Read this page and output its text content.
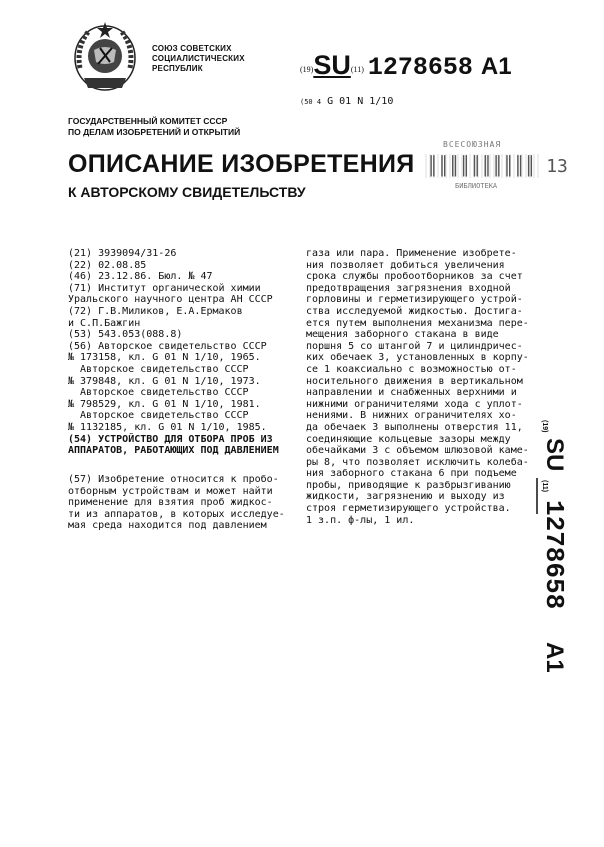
СОЮЗ СОВЕТСКИХ
СОЦИАЛИСТИЧЕСКИХ
РЕСПУБЛИК	(19)SU(11) 1278658 A1
(50 4 G 01 N 1/10
ГОСУДАРСТВЕННЫЙ КОМИТЕТ СССР
ПО ДЕЛАМ ИЗОБРЕТЕНИЙ И ОТКРЫТИЙ
ОПИСАНИЕ ИЗОБРЕТЕНИЯ
К АВТОРСКОМУ СВИДЕТЕЛЬСТВУ
ВСЕСОЮЗНАЯ
║║║║║║║║║║ 13
БИБЛИОТЕКА
(21) 3939094/31-26
(22) 02.08.85
(46) 23.12.86. Бюл. № 47
(71) Институт органической химии
Уральского научного центра АН СССР
(72) Г.В.Миликов, Е.А.Ермаков
и С.П.Бажгин
(53) 543.053(088.8)
(56) Авторское свидетельство СССР
№ 173158, кл. G 01 N 1/10, 1965.
Авторское свидетельство СССР
№ 379848, кл. G 01 N 1/10, 1973.
Авторское свидетельство СССР
№ 798529, кл. G 01 N 1/10, 1981.
Авторское свидетельство СССР
№ 1132185, кл. G 01 N 1/10, 1985.
(54) УСТРОЙСТВО ДЛЯ ОТБОРА ПРОБ ИЗ
АППАРАТОВ, РАБОТАЮЩИХ ПОД ДАВЛЕНИЕМ
(57) Изобретение относится к пробо-
отборным устройствам и может найти
применение для взятия проб жидкос-
ти из аппаратов, в которых исследуе-
мая среда находится под давлением
газа или пара. Применение изобрете-
ния позволяет добиться увеличения
срока службы пробоотборников за счет
предотвращения загрязнения входной
горловины и герметизирующего устрой-
ства исследуемой жидкостью. Достига-
ется путем выполнения механизма пере-
мещения заборного стакана в виде
поршня 5 со штангой 7 и цилиндричес-
ких обечаек 3, установленных в корпу-
се 1 коаксиально с возможностью от-
носительного движения в вертикальном
направлении и снабженных верхними и
нижними ограничителями хода с уплот-
нениями. В нижних ограничителях хо-
да обечаек 3 выполнены отверстия 11,
соединяющие кольцевые зазоры между
обечайками 3 с объемом шлюзовой каме-
ры 8, что позволяет исключить колеба-
ния заборного стакана 6 при подъеме
пробы, приводящие к разбрызгиванию
жидкости, загрязнению и выходу из
строя герметизирующего устройства.
1 з.п. ф-лы, 1 ил.
(19)
SU
(11)
1278658
A1
